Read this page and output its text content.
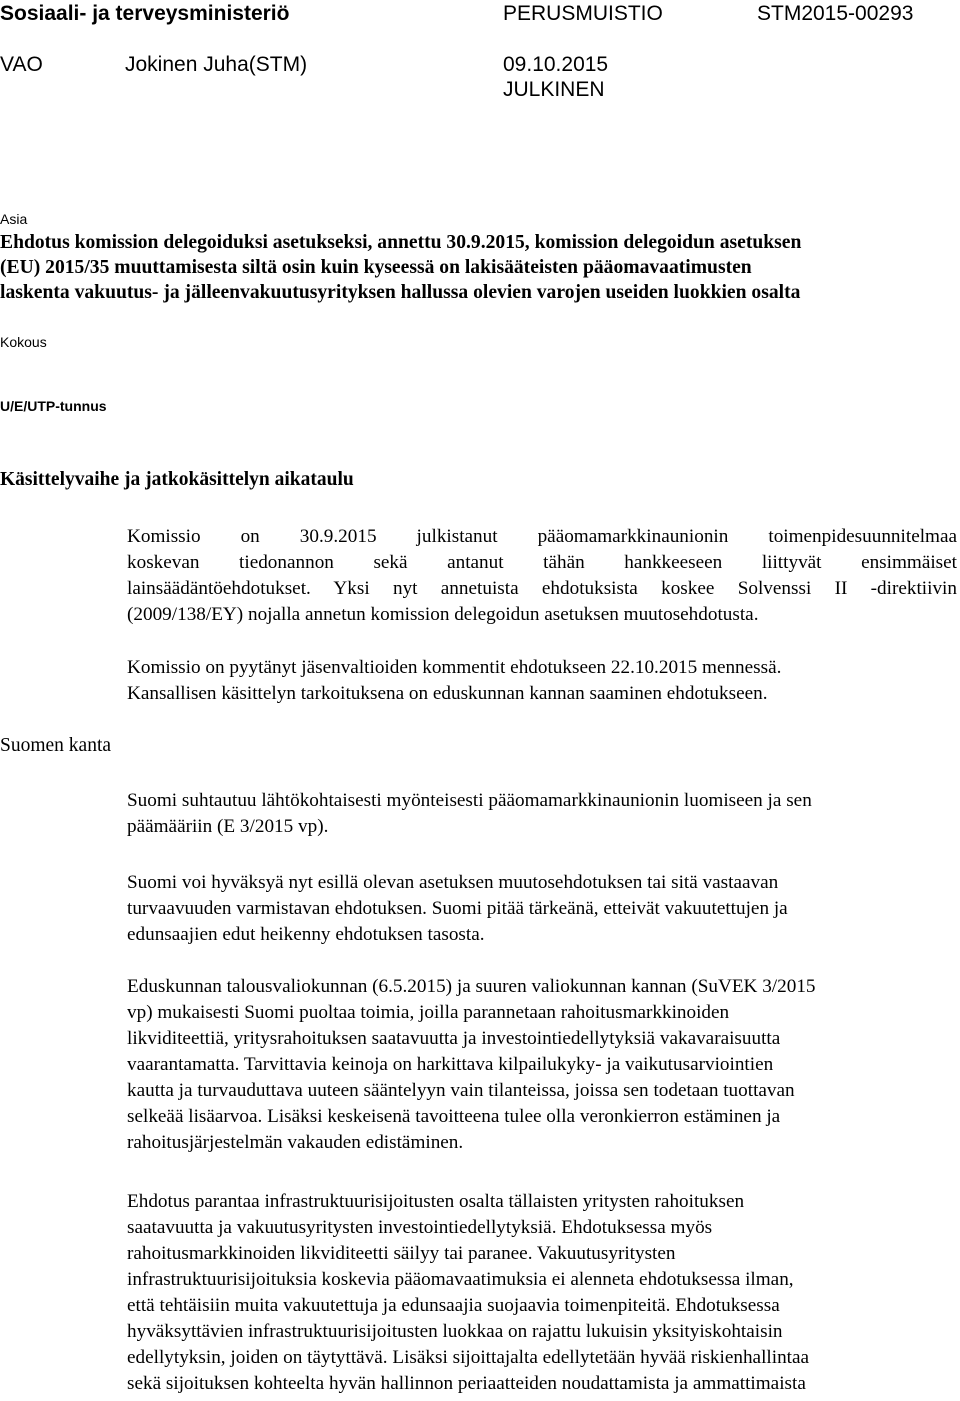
Sosiaali- ja terveysministeriö	PERUSMUISTIO	STM2015-00293
VAO	Jokinen Juha(STM)	09.10.2015
JULKINEN
Asia
Ehdotus komission delegoiduksi asetukseksi, annettu 30.9.2015, komission delegoidun asetuksen
(EU) 2015/35 muuttamisesta siltä osin kuin kyseessä on lakisääteisten pääomavaatimusten
laskenta vakuutus- ja jälleenvakuutusyrityksen hallussa olevien varojen useiden luokkien osalta
Kokous
U/E/UTP-tunnus
Käsittelyvaihe ja jatkokäsittelyn aikataulu
Komissio on 30.9.2015 julkistanut pääomamarkkinaunionin toimenpidesuunnitelmaa
koskevan tiedonannon sekä antanut tähän hankkeeseen liittyvät ensimmäiset
lainsäädäntöehdotukset. Yksi nyt annetuista ehdotuksista koskee Solvenssi II -direktiivin
(2009/138/EY) nojalla annetun komission delegoidun asetuksen muutosehdotusta.
Komissio on pyytänyt jäsenvaltioiden kommentit ehdotukseen 22.10.2015 mennessä.
Kansallisen käsittelyn tarkoituksena on eduskunnan kannan saaminen ehdotukseen.
Suomen kanta
Suomi suhtautuu lähtökohtaisesti myönteisesti pääomamarkkinaunionin luomiseen ja sen
päämääriin (E 3/2015 vp).
Suomi voi hyväksyä nyt esillä olevan asetuksen muutosehdotuksen tai sitä vastaavan
turvaavuuden varmistavan ehdotuksen. Suomi pitää tärkeänä, etteivät vakuutettujen ja
edunsaajien edut heikenny ehdotuksen tasosta.
Eduskunnan talousvaliokunnan (6.5.2015) ja suuren valiokunnan kannan (SuVEK 3/2015
vp) mukaisesti Suomi puoltaa toimia, joilla parannetaan rahoitusmarkkinoiden
likviditeettiä, yritysrahoituksen saatavuutta ja investointiedellytyksiä vakavaraisuutta
vaarantamatta. Tarvittavia keinoja on harkittava kilpailukyky- ja vaikutusarviointien
kautta ja turvauduttava uuteen sääntelyyn vain tilanteissa, joissa sen todetaan tuottavan
selkeää lisäarvoa. Lisäksi keskeisenä tavoitteena tulee olla veronkierron estäminen ja
rahoitusjärjestelmän vakauden edistäminen.
Ehdotus parantaa infrastruktuurisijoitusten osalta tällaisten yritysten rahoituksen
saatavuutta ja vakuutusyritysten investointiedellytyksiä. Ehdotuksessa myös
rahoitusmarkkinoiden likviditeetti säilyy tai paranee. Vakuutusyritysten
infrastruktuurisijoituksia koskevia pääomavaatimuksia ei alenneta ehdotuksessa ilman,
että tehtäisiin muita vakuutettuja ja edunsaajia suojaavia toimenpiteitä. Ehdotuksessa
hyväksyttävien infrastruktuurisijoitusten luokkaa on rajattu lukuisin yksityiskohtaisin
edellytyksin, joiden on täytyttävä. Lisäksi sijoittajalta edellytetään hyvää riskienhallintaa
sekä sijoituksen kohteelta hyvän hallinnon periaatteiden noudattamista ja ammattimaista
